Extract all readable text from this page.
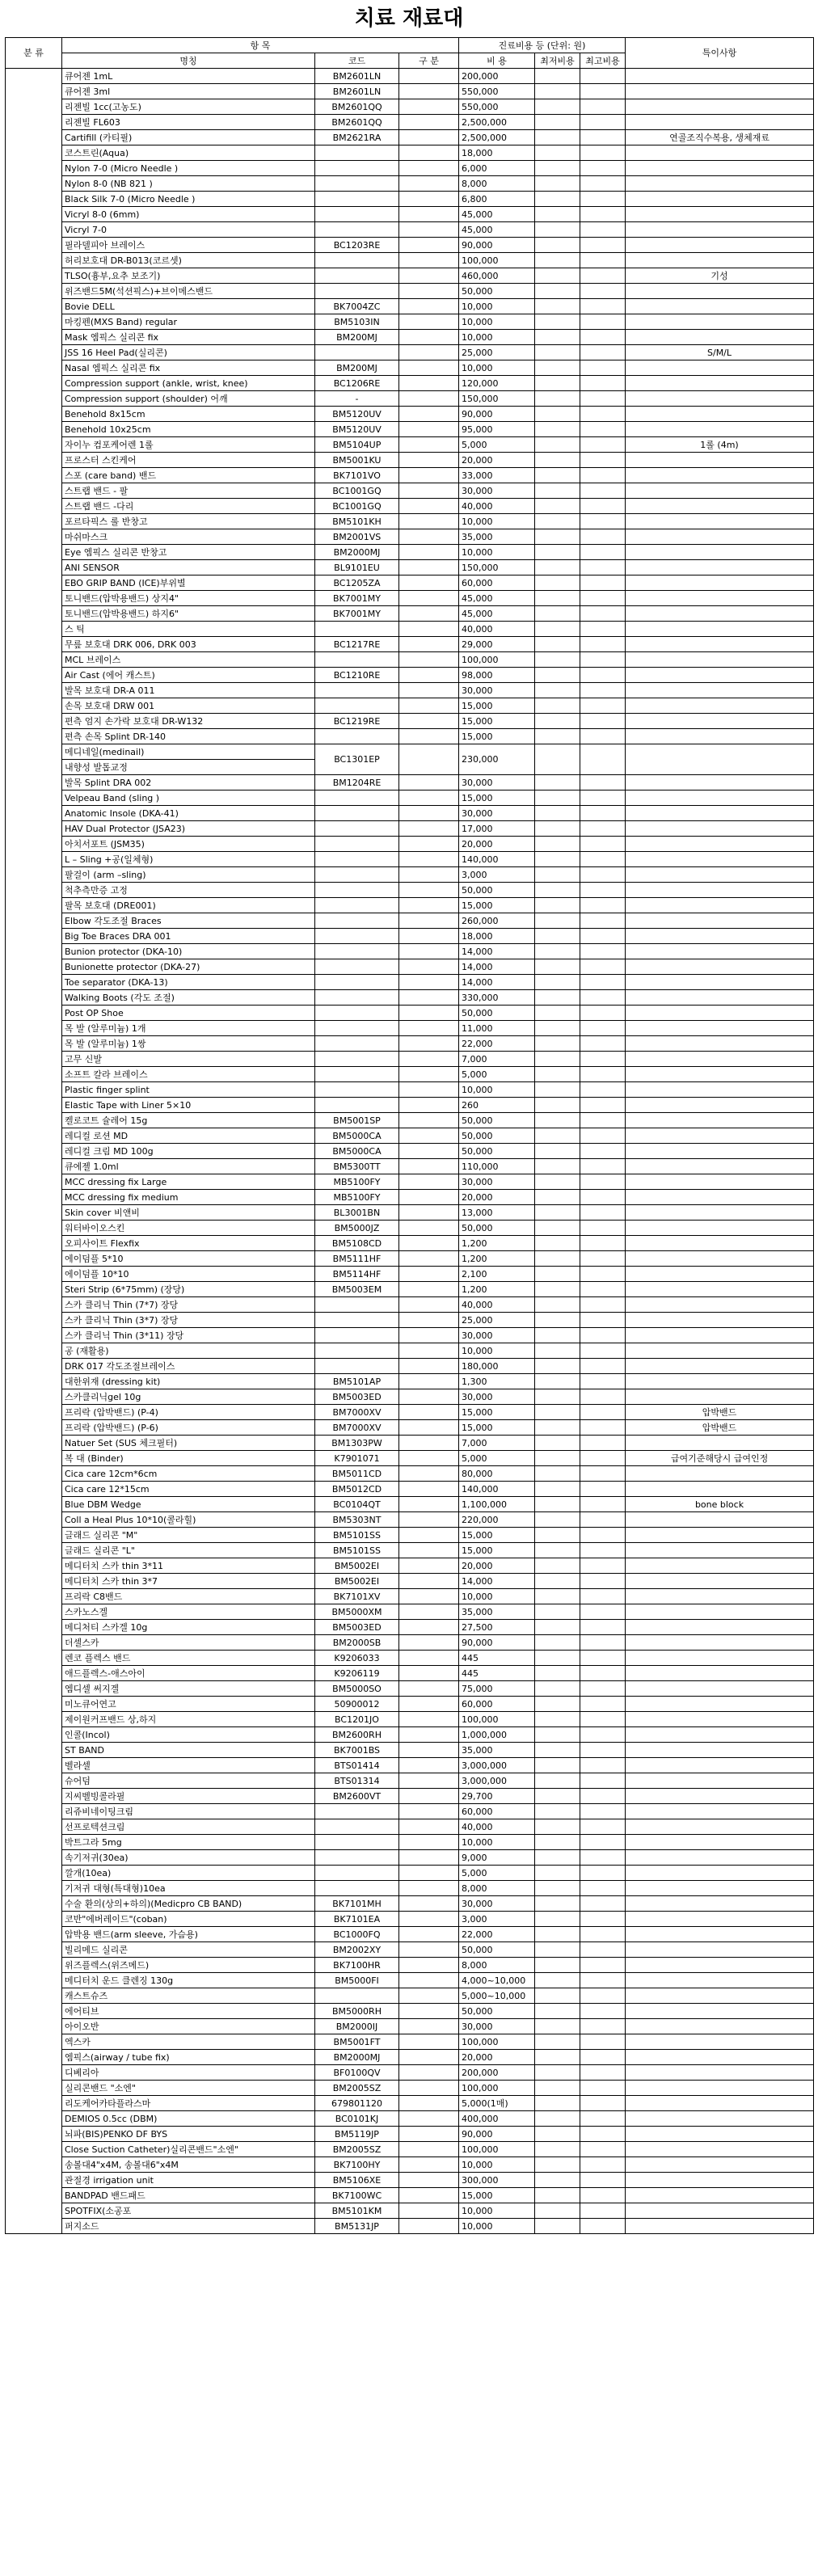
치료 재료대
분 류	항 목			진료비용 등 (단위: 원)			특이사항
	명칭	코드	구 분	비 용	최저비용	최고비용	
	큐어젠 1mL	BM2601LN		200,000			
	큐어젠 3ml	BM2601LN		550,000			
	리젠빌 1cc(고농도)	BM2601QQ		550,000			
	리젠빌 FL603	BM2601QQ		2,500,000			
	Cartifill (카티필)	BM2621RA		2,500,000			연골조직수복용, 생체재료
	코스트린(Aqua)			18,000			
	Nylon 7-0 (Micro Needle )			6,000			
	Nylon 8-0 (NB 821 )			8,000			
	Black Silk 7-0 (Micro Needle )			6,800			
	Vicryl 8-0 (6mm)			45,000			
	Vicryl 7-0			45,000			
	필라델피아 브레이스	BC1203RE		90,000			
	허리보호대 DR-B013(코르셋)			100,000			
	TLSO(흉부,요추 보조기)			460,000			기성
	위즈밴드5M(석션픽스)+브이메스밴드			50,000			
	Bovie DELL	BK7004ZC		10,000			
	마킹펜(MXS Band) regular	BM5103IN		10,000			
	Mask 엠픽스 실리콘 fix	BM200MJ		10,000			
	JSS 16 Heel Pad(실리콘)			25,000			S/M/L
	Nasal 엠픽스 실리콘 fix	BM200MJ		10,000			
	Compression support (ankle, wrist, knee)	BC1206RE		120,000			
	Compression support (shoulder) 어깨	-		150,000			
	Benehold 8x15cm	BM5120UV		90,000			
	Benehold 10x25cm	BM5120UV		95,000			
	자이누 컴포케어렌 1롤	BM5104UP		5,000			1롤 (4m)
	프로스터 스킨케어	BM5001KU		20,000			
	스포 (care band) 밴드	BK7101VO		33,000			
	스트랩 밴드 - 팔	BC1001GQ		30,000			
	스트랩 밴드 -다리	BC1001GQ		40,000			
	포르타픽스 롤 반창고	BM5101KH		10,000			
	마쉬마스크	BM2001VS		35,000			
	Eye 엠픽스 실리콘 반창고	BM2000MJ		10,000			
	ANI SENSOR	BL9101EU		150,000			
	EBO GRIP BAND (ICE)부위별	BC1205ZA		60,000			
	토니밴드(압박용밴드) 상지4"	BK7001MY		45,000			
	토니밴드(압박용밴드) 하지6"	BK7001MY		45,000			
	스 틱			40,000			
	무릎 보호대 DRK 006, DRK 003	BC1217RE		29,000			
	MCL 브레이스			100,000			
	Air Cast (에어 캐스트)	BC1210RE		98,000			
	발목 보호대 DR-A 011			30,000			
	손목 보호대 DRW 001			15,000			
	편측 엄지 손가락 보호대 DR-W132	BC1219RE		15,000			
	편측 손목 Splint DR-140			15,000			
	메디네일(medinail)	BC1301EP		230,000			
	내향성 발톱교정						
	발목 Splint DRA 002	BM1204RE		30,000			
	Velpeau Band (sling )			15,000			
	Anatomic Insole (DKA-41)			30,000			
	HAV Dual Protector (JSA23)			17,000			
	아치서포트 (JSM35)			20,000			
	L – Sling +공(일체형)			140,000			
	팔걸이 (arm –sling)			3,000			
	척추측만증 고정			50,000			
	팔목 보호대 (DRE001)			15,000			
	Elbow 각도조절 Braces			260,000			
	Big Toe Braces DRA 001			18,000			
	Bunion protector (DKA-10)			14,000			
	Bunionette protector (DKA-27)			14,000			
	Toe separator (DKA-13)			14,000			
	Walking Boots (각도 조절)			330,000			
	Post OP Shoe			50,000			
	목 발 (알루미늄) 1개			11,000			
	목 발 (알루미늄) 1쌍			22,000			
	고무 신발			7,000			
	소프트 칼라 브레이스			5,000			
	Plastic finger splint			10,000			
	Elastic Tape with Liner 5×10			260			
	켈로코트 슐레어 15g	BM5001SP		50,000			
	레디컬 로션 MD	BM5000CA		50,000			
	레디컬 크림 MD 100g	BM5000CA		50,000			
	큐에젤 1.0ml	BM5300TT		110,000			
	MCC dressing fix Large	MB5100FY		30,000			
	MCC dressing fix medium	MB5100FY		20,000			
	Skin cover 비앤비	BL3001BN		13,000			
	워터바이오스킨	BM5000JZ		50,000			
	오피사이트 Flexfix	BM5108CD		1,200			
	에이덤플 5*10	BM5111HF		1,200			
	에이덤플 10*10	BM5114HF		2,100			
	Steri Strip (6*75mm) (장당)	BM5003EM		1,200			
	스카 클리닉 Thin (7*7) 장당			40,000			
	스카 클리닉 Thin (3*7) 장당			25,000			
	스카 클리닉 Thin (3*11) 장당			30,000			
	공 (재활용)			10,000			
	DRK 017 각도조절브레이스			180,000			
	대한위재 (dressing kit)	BM5101AP		1,300			
	스카클리닉gel 10g	BM5003ED		30,000			
	프리락 (압박밴드) (P-4)	BM7000XV		15,000			압박밴드
	프리락 (압박밴드) (P-6)	BM7000XV		15,000			압박밴드
	Natuer Set (SUS 체크필터)	BM1303PW		7,000			
	복 대 (Binder)	K7901071		5,000			급여기준해당시 급여인정
	Cica care 12cm*6cm	BM5011CD		80,000			
	Cica care 12*15cm	BM5012CD		140,000			
	Blue DBM Wedge	BC0104QT		1,100,000			bone block
	Coll a Heal Plus 10*10(콜라힐)	BM5303NT		220,000			
	글래드 실리콘 "M"	BM5101SS		15,000			
	글래드 실리콘 "L"	BM5101SS		15,000			
	메디터치 스카 thin 3*11	BM5002EI		20,000			
	메디터치 스카 thin 3*7	BM5002EI		14,000			
	프리락 C8밴드	BK7101XV		10,000			
	스카노스겔	BM5000XM		35,000			
	메디처티 스카겔 10g	BM5003ED		27,500			
	더셀스카	BM2000SB		90,000			
	렌코 플렉스 밴드	K9206033		445			
	애드플렉스-애스아이	K9206119		445			
	엠디셀 써지겔	BM5000SO		75,000			
	미노큐어연고	50900012		60,000			
	제이원커프밴드 상,하지	BC1201JO		100,000			
	인콜(Incol)	BM2600RH		1,000,000			
	ST BAND	BK7001BS		35,000			
	벨라셀	BTS01414		3,000,000			
	슈어덤	BTS01314		3,000,000			
	지씨벨빙콜라필	BM2600VT		29,700			
	리쥬비네이팅크림			60,000			
	선프로텍션크림			40,000			
	박트그라 5mg			10,000			
	속기저귀(30ea)			9,000			
	깔개(10ea)			5,000			
	기저귀 대형(특대형)10ea			8,000			
	수술 환의(상의+하의)(Medicpro CB BAND)	BK7101MH		30,000			
	코반"에버레이드"(coban)	BK7101EA		3,000			
	압박용 밴드(arm sleeve, 가슴용)	BC1000FQ		22,000			
	빌리메드 실리콘	BM2002XY		50,000			
	위즈플렉스(위즈메드)	BK7100HR		8,000			
	메디터치 운드 클렌징 130g	BM5000FI		4,000~10,000			
	캐스트슈즈			5,000~10,000			
	에어티브	BM5000RH		50,000			
	아이오반	BM2000IJ		30,000			
	엑스카	BM5001FT		100,000			
	엠픽스(airway / tube fix)	BM2000MJ		20,000			
	디베리아	BF0100QV		200,000			
	실리콘밴드 "소엔"	BM2005SZ		100,000			
	리도케어카타플라스마	679801120		5,000(1매)			
	DEMIOS 0.5cc (DBM)	BC0101KJ		400,000			
	뇌파(BIS)PENKO DF BYS	BM5119JP		90,000			
	Close Suction Catheter)실리콘밴드"소엔"	BM2005SZ		100,000			
	송볼대4"x4M, 송볼대6"x4M	BK7100HY		10,000			
	관절경 irrigation unit	BM5106XE		300,000			
	BANDPAD 밴드패드	BK7100WC		15,000			
	SPOTFIX(소공포	BM5101KM		10,000			
	퍼지소드	BM5131JP		10,000			
